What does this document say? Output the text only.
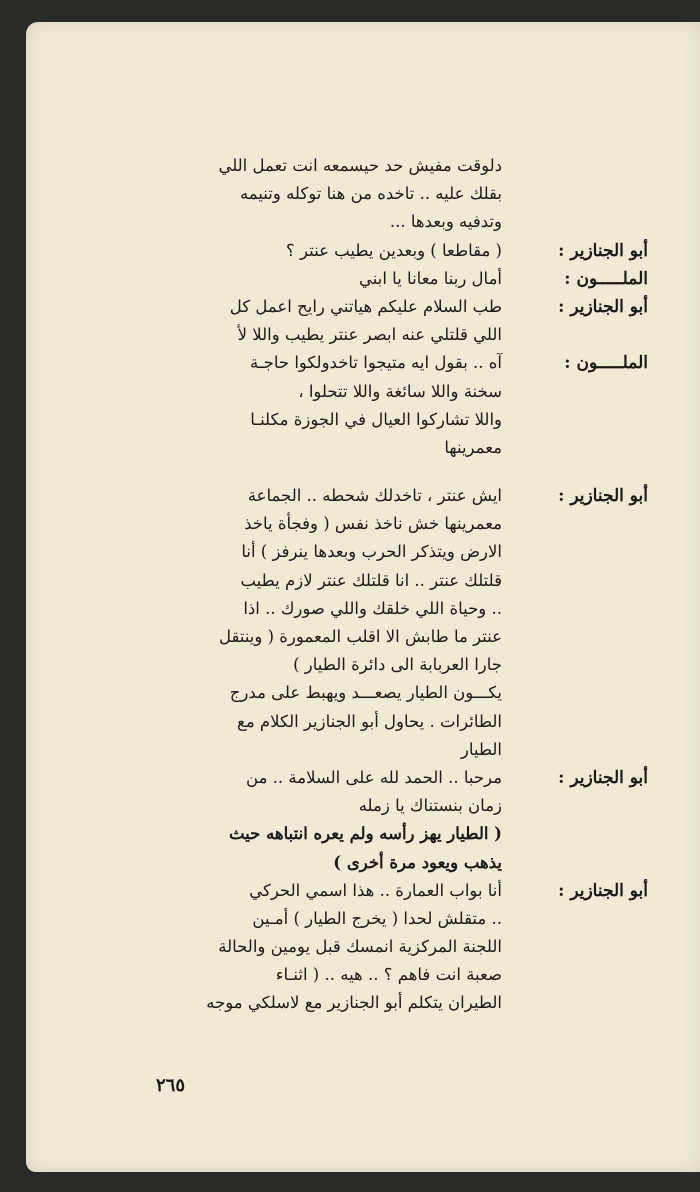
دلوقت مفيش حد حيسمعه انت تعمل اللي
بقلك عليه .. تاخده من هنا توكله وتنيمه
وتدفيه وبعدها ...
أبو الجنازير :
( مقاطعا ) وبعدين يطيب عنتر ؟
الملـــــون :
أمال ربنا معانا يا ابني
أبو الجنازير :
طب السلام عليكم هياتني رايح اعمل كل
اللي قلتلي عنه ابصر عنتر يطيب واللا لأ
الملـــــون :
آه .. بقول ايه متيجوا تاخدولكوا حاجـة
سخنة واللا سائغة واللا تتحلوا ،
واللا تشاركوا العيال في الجوزة مكلنـا
معمرينها
أبو الجنازير :
ايش عنتر ، تاخدلك شحطه .. الجماعة
معمرينها خش ناخذ نفس ( وفجأة ياخذ
الارض ويتذكر الحرب وبعدها ينرفز ) أنا
قلتلك عنتر .. انا قلتلك عنتر لازم يطيب
.. وحياة اللي خلقك واللي صورك .. اذا
عنتر ما طابش الا اقلب المعمورة ( وينتقل
جارا العربابة الى دائرة الطيار )
يكـــون الطيار يصعـــد ويهبط على مدرج
الطائرات . يحاول أبو الجنازير الكلام مع
الطيار
أبو الجنازير :
مرحبا .. الحمد لله على السلامة .. من
زمان بنستناك يا زمله
( الطيار يهز رأسه ولم يعره انتباهه حيث
يذهب ويعود مرة أخرى )
أبو الجنازير :
أنا بواب العمارة .. هذا اسمي الحركي
.. متقلش لحدا ( يخرج الطيار ) أمـين
اللجنة المركزية انمسك قبل يومين والحالة
صعبة انت فاهم ؟ .. هيه .. ( اثنـاء
الطيران يتكلم أبو الجنازير مع لاسلكي موجه
٢٦٥
